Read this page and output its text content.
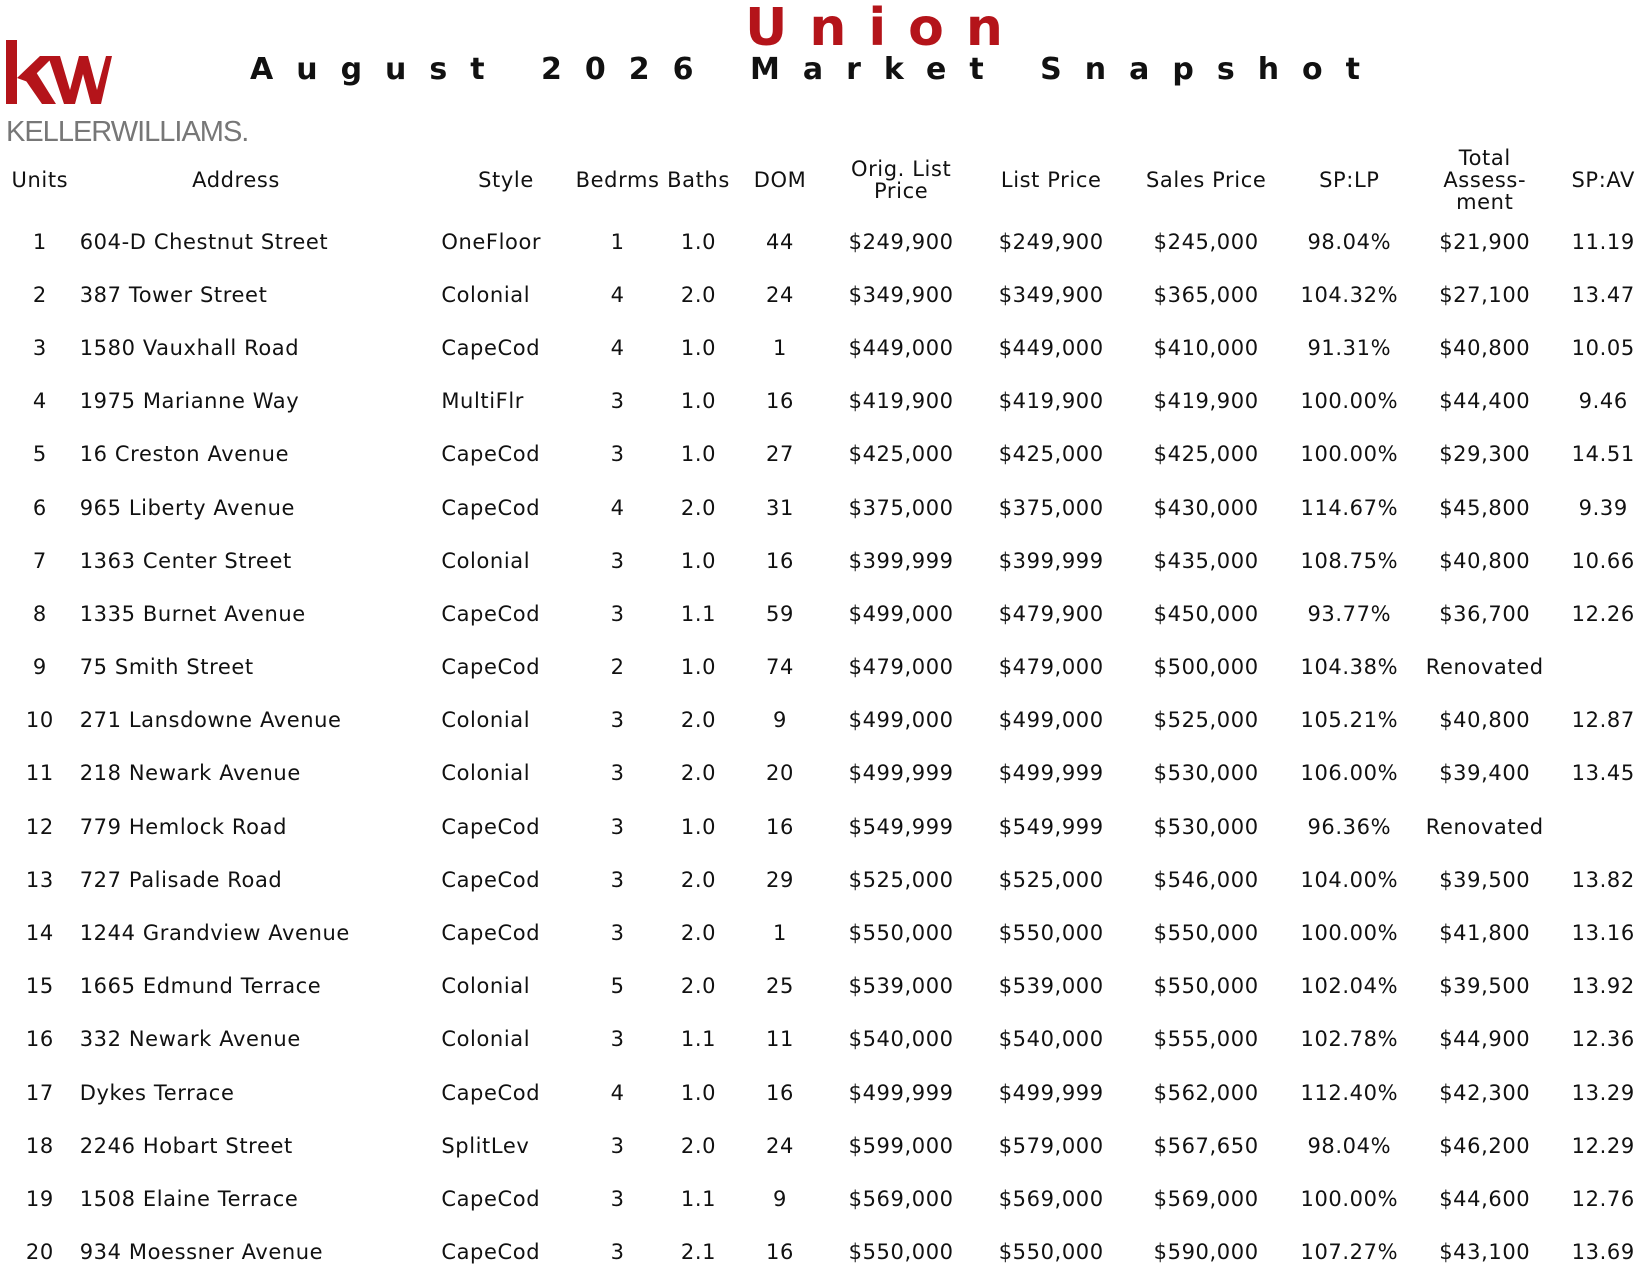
KELLERWILLIAMS.
Union
August 2026 Market Snapshot
Units	Address	Style	Bedrms	Baths	DOM	Orig. List Price	List Price	Sales Price	SP:LP	Total Assess- ment	SP:AV
1	604-D Chestnut Street	OneFloor	1	1.0	44	$249,900	$249,900	$245,000	98.04%	$21,900	11.19
2	387 Tower Street	Colonial	4	2.0	24	$349,900	$349,900	$365,000	104.32%	$27,100	13.47
3	1580 Vauxhall Road	CapeCod	4	1.0	1	$449,000	$449,000	$410,000	91.31%	$40,800	10.05
4	1975 Marianne Way	MultiFlr	3	1.0	16	$419,900	$419,900	$419,900	100.00%	$44,400	9.46
5	16 Creston Avenue	CapeCod	3	1.0	27	$425,000	$425,000	$425,000	100.00%	$29,300	14.51
6	965 Liberty Avenue	CapeCod	4	2.0	31	$375,000	$375,000	$430,000	114.67%	$45,800	9.39
7	1363 Center Street	Colonial	3	1.0	16	$399,999	$399,999	$435,000	108.75%	$40,800	10.66
8	1335 Burnet Avenue	CapeCod	3	1.1	59	$499,000	$479,900	$450,000	93.77%	$36,700	12.26
9	75 Smith Street	CapeCod	2	1.0	74	$479,000	$479,000	$500,000	104.38%	Renovated	
10	271 Lansdowne Avenue	Colonial	3	2.0	9	$499,000	$499,000	$525,000	105.21%	$40,800	12.87
11	218 Newark Avenue	Colonial	3	2.0	20	$499,999	$499,999	$530,000	106.00%	$39,400	13.45
12	779 Hemlock Road	CapeCod	3	1.0	16	$549,999	$549,999	$530,000	96.36%	Renovated	
13	727 Palisade Road	CapeCod	3	2.0	29	$525,000	$525,000	$546,000	104.00%	$39,500	13.82
14	1244 Grandview Avenue	CapeCod	3	2.0	1	$550,000	$550,000	$550,000	100.00%	$41,800	13.16
15	1665 Edmund Terrace	Colonial	5	2.0	25	$539,000	$539,000	$550,000	102.04%	$39,500	13.92
16	332 Newark Avenue	Colonial	3	1.1	11	$540,000	$540,000	$555,000	102.78%	$44,900	12.36
17	Dykes Terrace	CapeCod	4	1.0	16	$499,999	$499,999	$562,000	112.40%	$42,300	13.29
18	2246 Hobart Street	SplitLev	3	2.0	24	$599,000	$579,000	$567,650	98.04%	$46,200	12.29
19	1508 Elaine Terrace	CapeCod	3	1.1	9	$569,000	$569,000	$569,000	100.00%	$44,600	12.76
20	934 Moessner Avenue	CapeCod	3	2.1	16	$550,000	$550,000	$590,000	107.27%	$43,100	13.69
